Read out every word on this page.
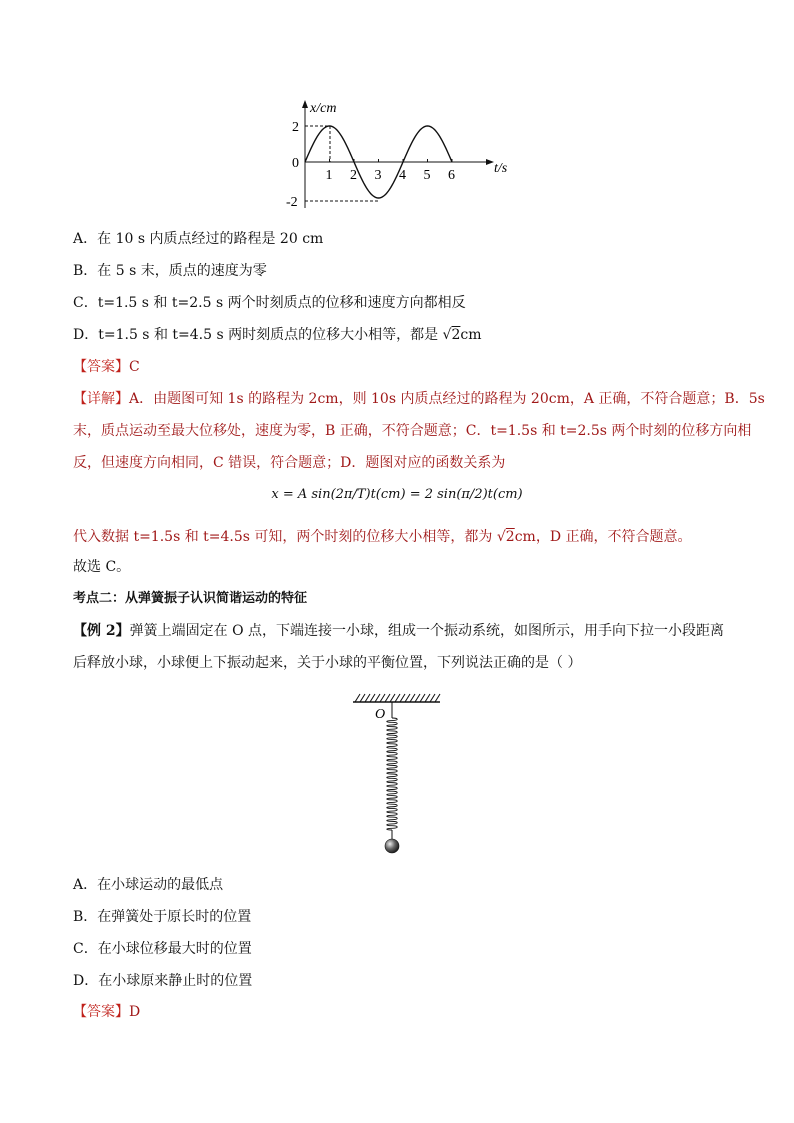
x/cm
t/s
2
0
-2
1 2 3 4 5 6
A．在 10 s 内质点经过的路程是 20 cm
B．在 5 s 末，质点的速度为零
C．t=1.5 s 和 t=2.5 s 两个时刻质点的位移和速度方向都相反
D．t=1.5 s 和 t=4.5 s 两时刻质点的位移大小相等，都是 √2cm
【答案】C
【详解】A．由题图可知 1s 的路程为 2cm，则 10s 内质点经过的路程为 20cm，A 正确，不符合题意；B．5s
末，质点运动至最大位移处，速度为零，B 正确，不符合题意；C．t=1.5s 和 t=2.5s 两个时刻的位移方向相
反，但速度方向相同，C 错误，符合题意；D．题图对应的函数关系为
x = A sin(2π/T)t(cm) = 2 sin(π/2)t(cm)
代入数据 t=1.5s 和 t=4.5s 可知，两个时刻的位移大小相等，都为 √2cm，D 正确，不符合题意。
故选 C。
考点二：从弹簧振子认识简谐运动的特征
【例 2】弹簧上端固定在 O 点，下端连接一小球，组成一个振动系统，如图所示，用手向下拉一小段距离
后释放小球，小球便上下振动起来，关于小球的平衡位置，下列说法正确的是（ ）
O
A．在小球运动的最低点
B．在弹簧处于原长时的位置
C．在小球位移最大时的位置
D．在小球原来静止时的位置
【答案】D
